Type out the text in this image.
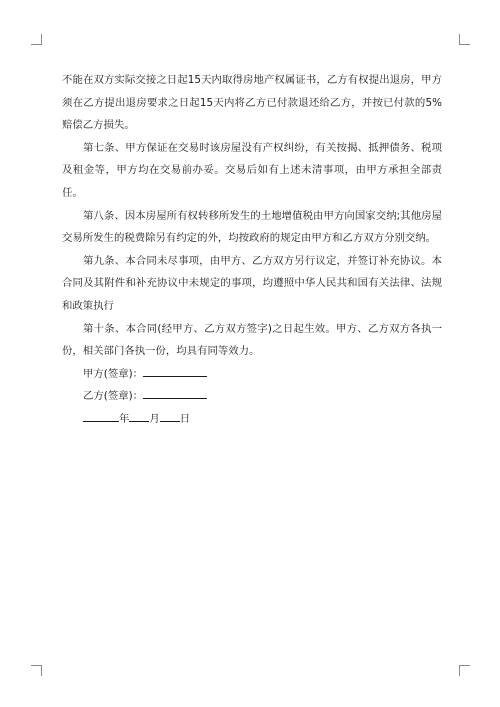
不能在双方实际交接之日起15天内取得房地产权属证书，乙方有权提出退房，甲方须在乙方提出退房要求之日起15天内将乙方已付款退还给乙方，并按已付款的5%赔偿乙方损失。

第七条、甲方保证在交易时该房屋没有产权纠纷，有关按揭、抵押债务、税项及租金等，甲方均在交易前办妥。交易后如有上述未清事项，由甲方承担全部责任。

第八条、因本房屋所有权转移所发生的土地增值税由甲方向国家交纳;其他房屋交易所发生的税费除另有约定的外，均按政府的规定由甲方和乙方双方分别交纳。

第九条、本合同未尽事项，由甲方、乙方双方另行议定，并签订补充协议。本合同及其附件和补充协议中未规定的事项，均遵照中华人民共和国有关法律、法规和政策执行

第十条、本合同(经甲方、乙方双方签字)之日起生效。甲方、乙方双方各执一份，相关部门各执一份，均具有同等效力。

甲方(签章)：

乙方(签章)：

年 月 日
